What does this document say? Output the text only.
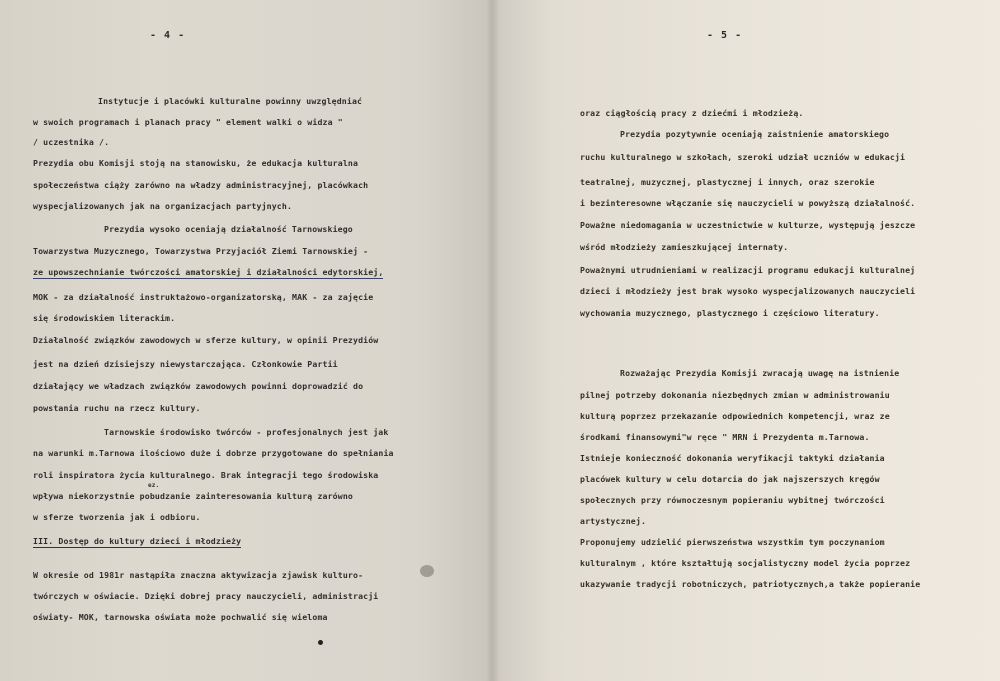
- 4 -
Instytucje i placówki kulturalne powinny uwzględniać
w swoich programach i planach pracy " element walki o widza "
/ uczestnika /.
Prezydia obu Komisji stoją na stanowisku, że edukacja kulturalna
społeczeństwa ciąży zarówno na władzy administracyjnej, placówkach
wyspecjalizowanych jak na organizacjach partyjnych.
Prezydia wysoko oceniają działalność Tarnowskiego
Towarzystwa Muzycznego, Towarzystwa Przyjaciół Ziemi Tarnowskiej -
ze upowszechnianie twórczości amatorskiej i działalności edytorskiej,
MOK - za działalność instruktażowo-organizatorską, MAK - za zajęcie
się środowiskiem literackim.
Działalność związków zawodowych w sferze kultury, w opinii Prezydiów
jest na dzień dzisiejszy niewystarczająca. Członkowie Partii
działający we władzach związków zawodowych powinni doprowadzić do
powstania ruchu na rzecz kultury.
Tarnowskie środowisko twórców - profesjonalnych jest jak
na warunki m.Tarnowa ilościowo duże i dobrze przygotowane do spełniania
roli inspiratora życia kulturalnego. Brak integracji tego środowiska
wpływa niekorzystnie pobudzanie zainteresowania kulturą zarówno
w sferze tworzenia jak i odbioru.
III. Dostęp do kultury dzieci i młodzieży
W okresie od 1981r nastąpiła znaczna aktywizacja zjawisk kulturo-
twórczych w oświacie. Dzięki dobrej pracy nauczycieli, administracji
oświaty- MOK, tarnowska oświata może pochwalić się wieloma
ez.
- 5 -
oraz ciągłością pracy z dziećmi i młodzieżą.
Prezydia pozytywnie oceniają zaistnienie amatorskiego
ruchu kulturalnego w szkołach, szeroki udział uczniów w edukacji
teatralnej, muzycznej, plastycznej i innych, oraz szerokie
i bezinteresowne włączanie się nauczycieli w powyższą działalność.
Poważne niedomagania w uczestnictwie w kulturze, występują jeszcze
wśród młodzieży zamieszkującej internaty.
Poważnymi utrudnieniami w realizacji programu edukacji kulturalnej
dzieci i młodzieży jest brak wysoko wyspecjalizowanych nauczycieli
wychowania muzycznego, plastycznego i częściowo literatury.
Rozważając Prezydia Komisji zwracają uwagę na istnienie
pilnej potrzeby dokonania niezbędnych zmian w administrowaniu
kulturą poprzez przekazanie odpowiednich kompetencji, wraz ze
środkami finansowymi"w ręce " MRN i Prezydenta m.Tarnowa.
Istnieje konieczność dokonania weryfikacji taktyki działania
placówek kultury w celu dotarcia do jak najszerszych kręgów
społecznych przy równoczesnym popieraniu wybitnej twórczości
artystycznej.
Proponujemy udzielić pierwszeństwa wszystkim tym poczynaniom
kulturalnym , które kształtują socjalistyczny model życia poprzez
ukazywanie tradycji robotniczych, patriotycznych,a także popieranie
